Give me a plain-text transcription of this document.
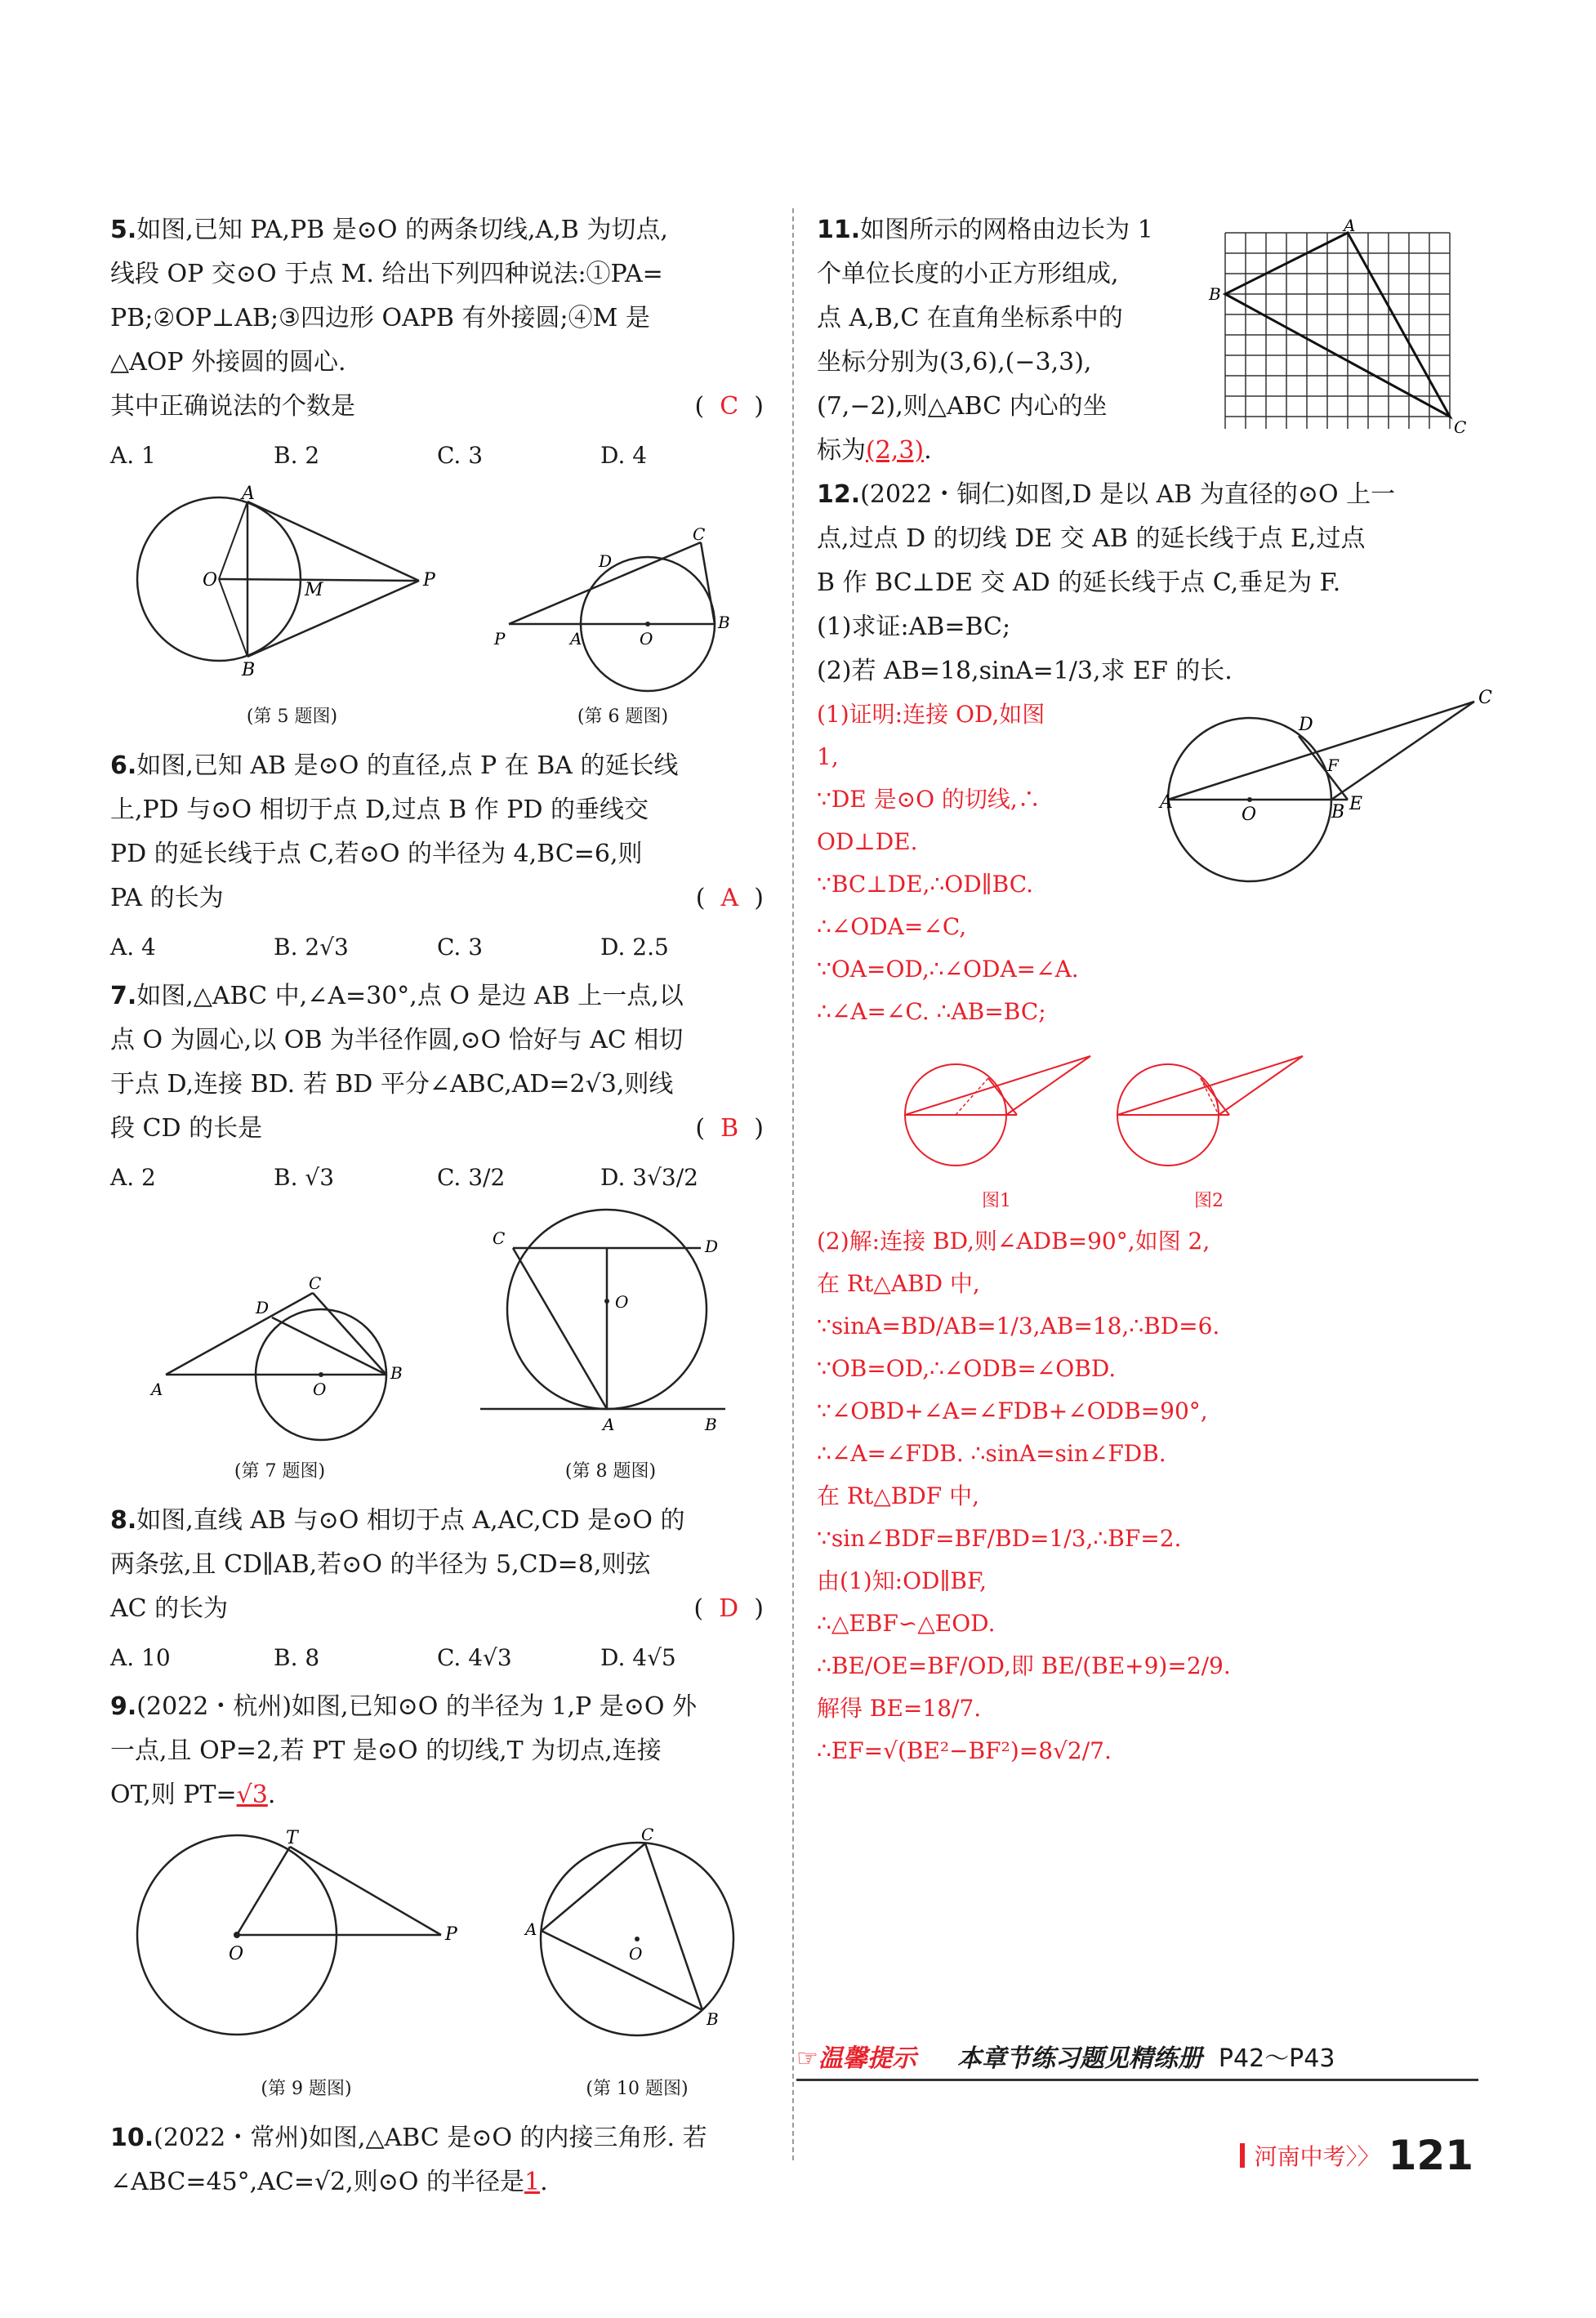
5.如图,已知 PA,PB 是⊙O 的两条切线,A,B 为切点,

线段 OP 交⊙O 于点 M. 给出下列四种说法:①PA=

PB;②OP⊥AB;③四边形 OAPB 有外接圆;④M 是

△AOP 外接圆的圆心.

其中正确说法的个数是	(  C  )

A. 1	B. 2	C. 3	D. 4
A
B
O	M	P
(第 5 题图)
C
D
P	A	O
B
(第 6 题图)

6.如图,已知 AB 是⊙O 的直径,点 P 在 BA 的延长线

上,PD 与⊙O 相切于点 D,过点 B 作 PD 的垂线交

PD 的延长线于点 C,若⊙O 的半径为 4,BC=6,则

PA 的长为	(  A  )

A. 4	B. 2√3	C. 3	D. 2.5

7.如图,△ABC 中,∠A=30°,点 O 是边 AB 上一点,以

点 O 为圆心,以 OB 为半径作圆,⊙O 恰好与 AC 相切

于点 D,连接 BD. 若 BD 平分∠ABC,AD=2√3,则线

段 CD 的长是	(  B  )

A. 2	B. √3	C. 3/2	D. 3√3/2
C
D
A	O
B
(第 7 题图)
C	D
O
A	B
(第 8 题图)

8.如图,直线 AB 与⊙O 相切于点 A,AC,CD 是⊙O 的

两条弦,且 CD∥AB,若⊙O 的半径为 5,CD=8,则弦

AC 的长为	(  D  )

A. 10	B. 8	C. 4√3	D. 4√5

9.(2022・杭州)如图,已知⊙O 的半径为 1,P 是⊙O 外

一点,且 OP=2,若 PT 是⊙O 的切线,T 为切点,连接

OT,则 PT=√3.

O
T
P
(第 9 题图)
C
A
O
B
(第 10 题图)

10.(2022・常州)如图,△ABC 是⊙O 的内接三角形. 若

∠ABC=45°,AC=√2,则⊙O 的半径是1.

11.如图所示的网格由边长为 1

个单位长度的小正方形组成,

点 A,B,C 在直角坐标系中的

坐标分别为(3,6),(−3,3),

(7,−2),则△ABC 内心的坐

标为(2,3).

A
B
C

12.(2022・铜仁)如图,D 是以 AB 为直径的⊙O 上一

点,过点 D 的切线 DE 交 AB 的延长线于点 E,过点

B 作 BC⊥DE 交 AD 的延长线于点 C,垂足为 F.

(1)求证:AB=BC;

(2)若 AB=18,sinA=1/3,求 EF 的长.

(1)证明:连接 OD,如图

1,

∵DE 是⊙O 的切线,∴

OD⊥DE.

∵BC⊥DE,∴OD∥BC.

∴∠ODA=∠C,

∵OA=OD,∴∠ODA=∠A.

∴∠A=∠C. ∴AB=BC;

C
D
F
A
O	B E
图1	图2

(2)解:连接 BD,则∠ADB=90°,如图 2,

在 Rt△ABD 中,

∵sinA=BD/AB=1/3,AB=18,∴BD=6.

∵OB=OD,∴∠ODB=∠OBD.

∵∠OBD+∠A=∠FDB+∠ODB=90°,

∴∠A=∠FDB. ∴sinA=sin∠FDB.

在 Rt△BDF 中,

∵sin∠BDF=BF/BD=1/3,∴BF=2.

由(1)知:OD∥BF,

∴△EBF∽△EOD.

∴BE/OE=BF/OD,即 BE/(BE+9)=2/9.

解得 BE=18/7.

∴EF=√(BE²−BF²)=8√2/7.

☞温馨提示 本章节练习题见精练册 P42～P43
河南中考〉〉 121
